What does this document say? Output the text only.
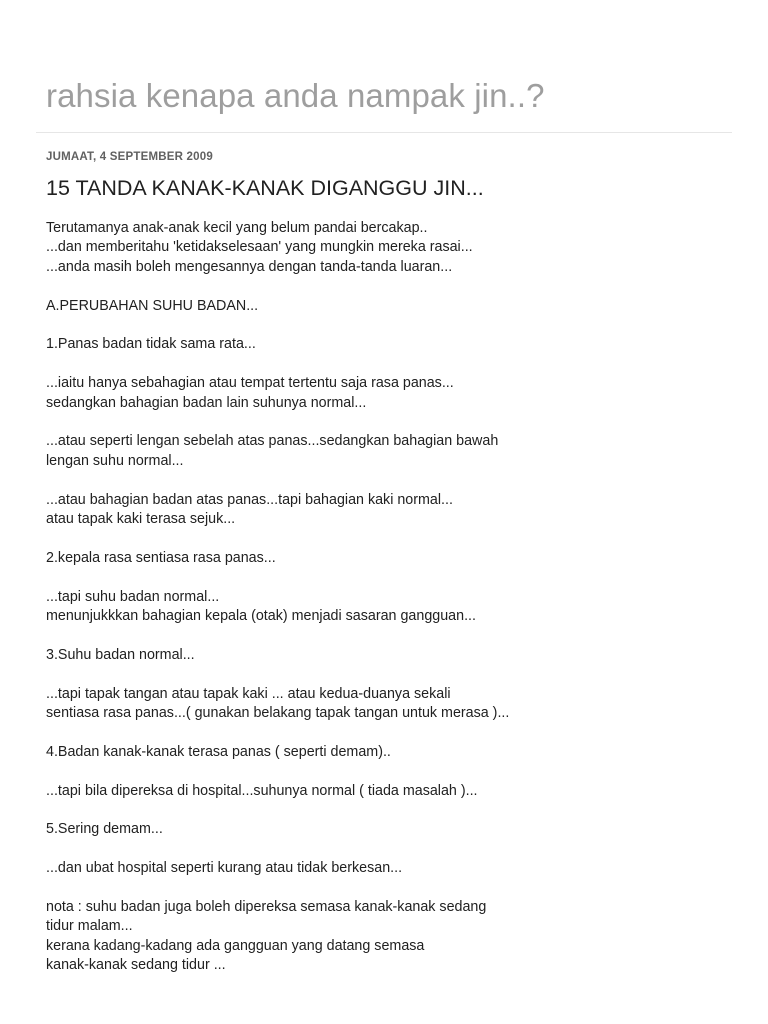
rahsia kenapa anda nampak jin..?
JUMAAT, 4 SEPTEMBER 2009
15 TANDA KANAK-KANAK DIGANGGU JIN...
Terutamanya anak-anak kecil yang belum pandai bercakap..
...dan memberitahu 'ketidakselesaan' yang mungkin mereka rasai...
...anda masih boleh mengesannya dengan tanda-tanda luaran...
A.PERUBAHAN SUHU BADAN...
1.Panas badan tidak sama rata...
...iaitu hanya sebahagian atau tempat tertentu saja rasa panas...
sedangkan bahagian badan lain suhunya normal...
...atau seperti lengan sebelah atas panas...sedangkan bahagian bawah
lengan suhu normal...
...atau bahagian badan atas panas...tapi bahagian kaki normal...
atau tapak kaki terasa sejuk...
2.kepala rasa sentiasa rasa panas...
...tapi suhu badan normal...
menunjukkkan bahagian kepala (otak) menjadi sasaran gangguan...
3.Suhu badan normal...
...tapi tapak tangan atau tapak kaki ... atau kedua-duanya sekali
sentiasa rasa panas...( gunakan belakang tapak tangan untuk merasa )...
4.Badan kanak-kanak terasa panas ( seperti demam)..
...tapi bila dipereksa di hospital...suhunya normal ( tiada masalah )...
5.Sering demam...
...dan ubat hospital seperti kurang atau tidak berkesan...
nota : suhu badan juga boleh dipereksa semasa kanak-kanak sedang
tidur malam...
kerana kadang-kadang ada gangguan yang datang semasa
kanak-kanak sedang tidur ...
